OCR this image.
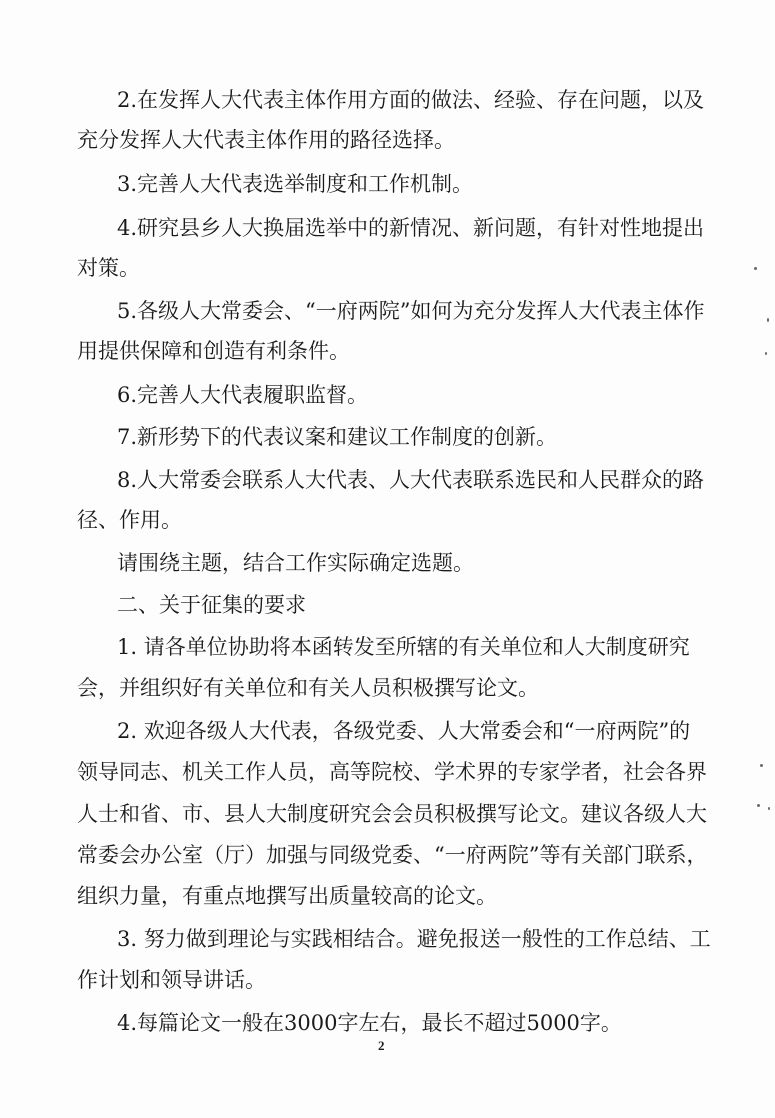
2.在发挥人大代表主体作用方面的做法、经验、存在问题，以及
充分发挥人大代表主体作用的路径选择。
3.完善人大代表选举制度和工作机制。
4.研究县乡人大换届选举中的新情况、新问题，有针对性地提出
对策。
5.各级人大常委会、“一府两院”如何为充分发挥人大代表主体作
用提供保障和创造有利条件。
6.完善人大代表履职监督。
7.新形势下的代表议案和建议工作制度的创新。
8.人大常委会联系人大代表、人大代表联系选民和人民群众的路
径、作用。
请围绕主题，结合工作实际确定选题。
二、关于征集的要求
1. 请各单位协助将本函转发至所辖的有关单位和人大制度研究
会，并组织好有关单位和有关人员积极撰写论文。
2. 欢迎各级人大代表，各级党委、人大常委会和“一府两院”的
领导同志、机关工作人员，高等院校、学术界的专家学者，社会各界
人士和省、市、县人大制度研究会会员积极撰写论文。建议各级人大
常委会办公室（厅）加强与同级党委、“一府两院”等有关部门联系，
组织力量，有重点地撰写出质量较高的论文。
3. 努力做到理论与实践相结合。避免报送一般性的工作总结、工
作计划和领导讲话。
4.每篇论文一般在3000字左右，最长不超过5000字。
2
